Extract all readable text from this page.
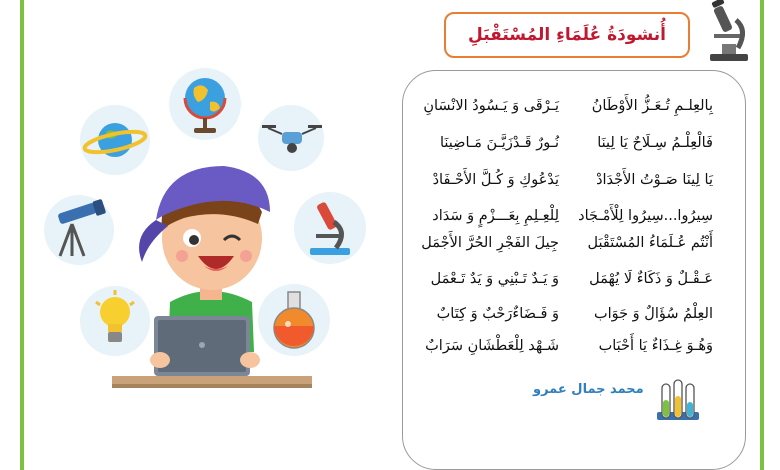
أُنشودَةُ عُلَمَاءِ المُسْتَقْبَلِ
بِالعِلـمِ تُـعَـزُّ الأَوْطَانُ
يَـرْقَى وَ يَـسُودُ الانْسَانِ
فَالْعِلْـمُ سِـلَاحٌ يَا لِينَا
نُـورٌ قَـدْزَيَّـنَ مَـاضِينَا
يَا لِينَا صَـوْتُ الأَجْدَادْ
يَدْعُوكِ وَ كُـلَّ الأَحْـفَادْ
سِيرُوا...سِيرُوا لِلْأَمْـجَاد
لِلْعِـلِمِ بِعَـــزْمٍ وَ سَدَاد
أَنْتُم عُـلَمَاءُ المُسْتَقْبَل
جِيلَ الفَجْرِ الحُرَّ الأَجْمَل
عَـقْـلٌ وَ ذَكَاءٌ لَا يُهْمَل
وَ يَـدٌ تَـبْنِي وَ يَدٌ تَـعْمَل
العِلْمُ سُؤَالٌ وَ جَوَاب
وَ فَـضَاءٌرَحْبٌ وَ كِتَابٌ
وَهُـوَ غِـذَاءٌ يَا أَحْبَاب
شَـهْد لِلْعَطْشَانِ سَرَابٌ
محمد جمال عمرو
